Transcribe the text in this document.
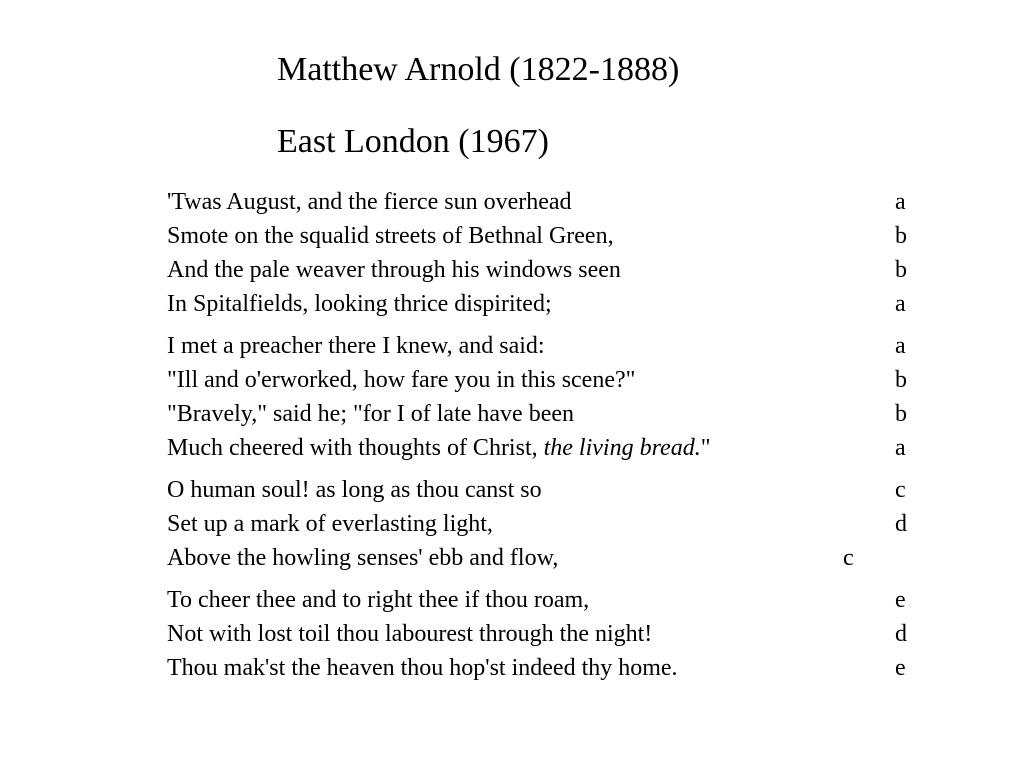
Matthew Arnold (1822-1888)
East London (1967)
'Twas August, and the fierce sun overhead	a
Smote on the squalid streets of Bethnal Green,	b
And the pale weaver through his windows seen	b
In Spitalfields, looking thrice dispirited;	a
I met a preacher there I knew, and said:	a
"Ill and o'erworked, how fare you in this scene?"	b
"Bravely," said he; "for I of late have been	b
Much cheered with thoughts of Christ, the living bread."	a
O human soul! as long as thou canst so	c
Set up a mark of everlasting light,	d
Above the howling senses' ebb and flow,	c
To cheer thee and to right thee if thou roam,	e
Not with lost toil thou labourest through the night!	d
Thou mak'st the heaven thou hop'st indeed thy home.	e
